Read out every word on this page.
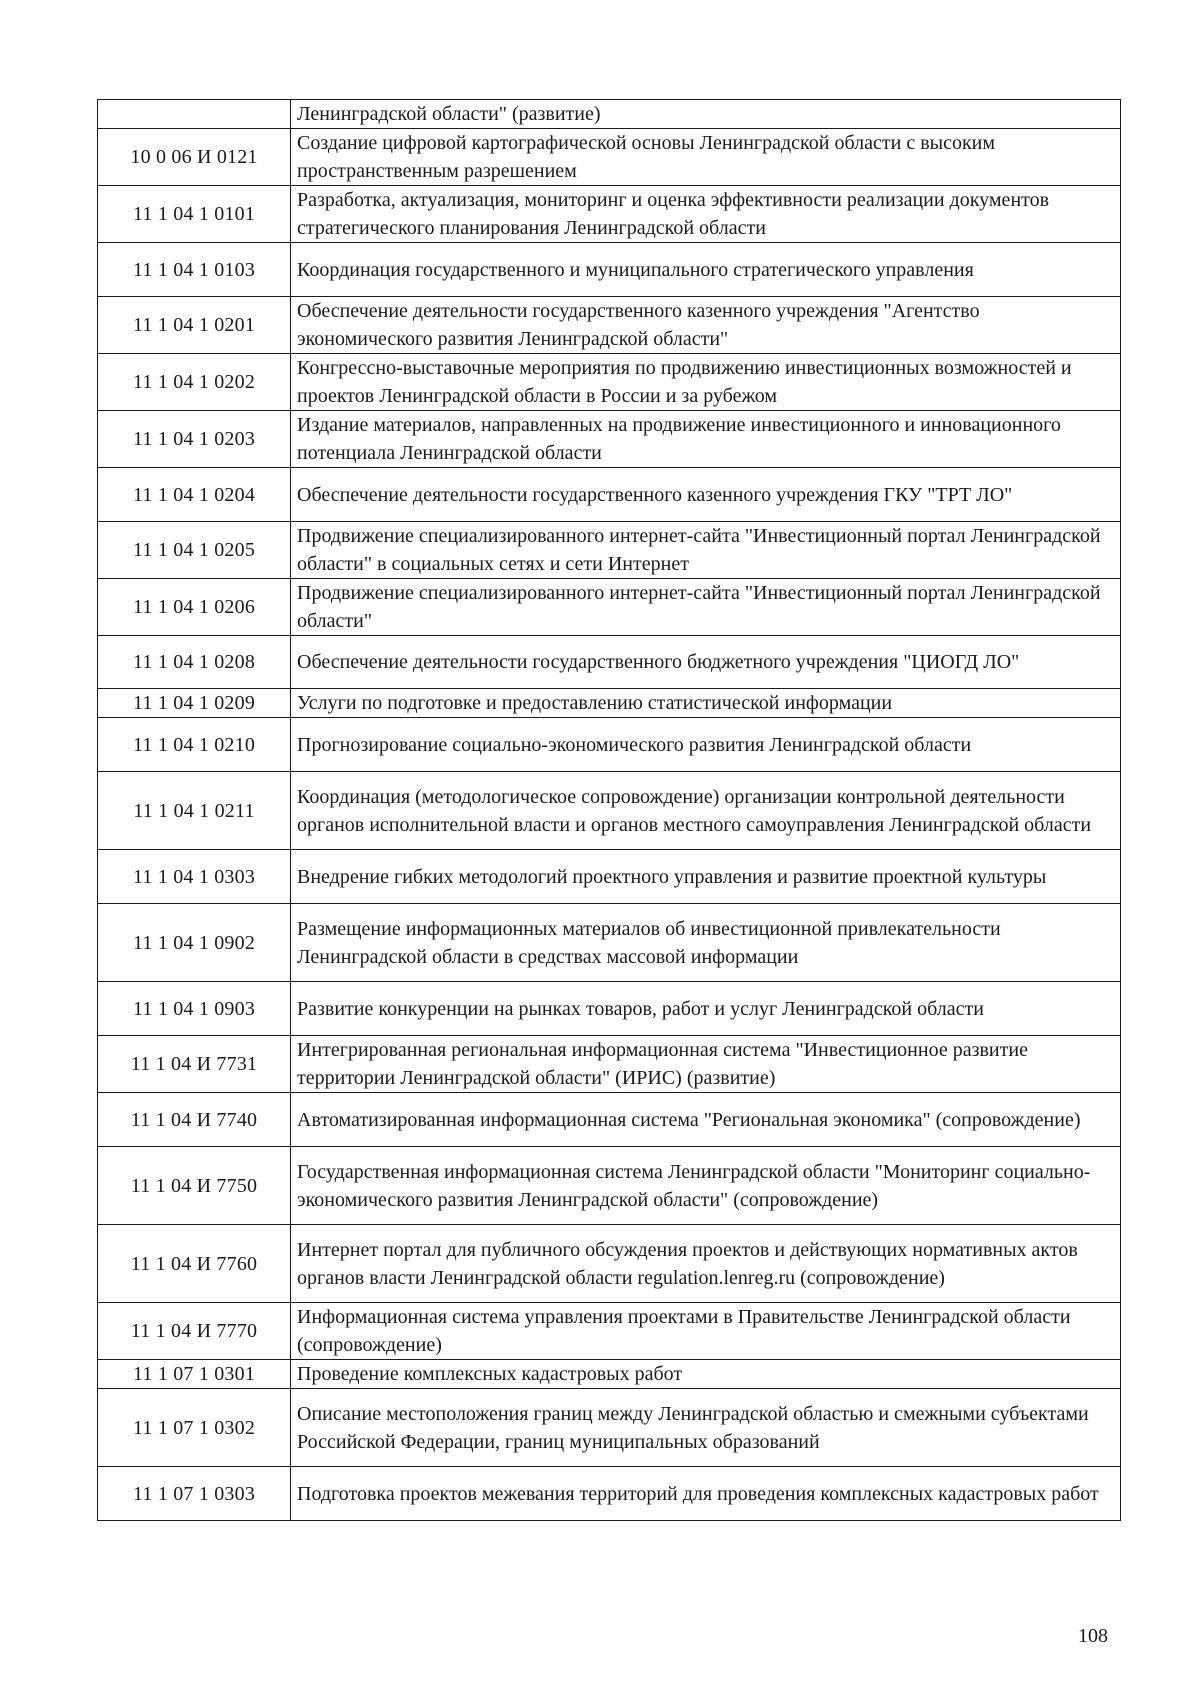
	Ленинградской области" (развитие)
10 0 06 И 0121	Создание цифровой картографической основы Ленинградской области с высоким пространственным разрешением
11 1 04 1 0101	Разработка, актуализация, мониторинг и оценка эффективности реализации документов стратегического планирования Ленинградской области
11 1 04 1 0103	Координация государственного и муниципального стратегического управления
11 1 04 1 0201	Обеспечение деятельности государственного казенного учреждения "Агентство экономического развития Ленинградской области"
11 1 04 1 0202	Конгрессно-выставочные мероприятия по продвижению инвестиционных возможностей и проектов Ленинградской области в России и за рубежом
11 1 04 1 0203	Издание материалов, направленных на продвижение инвестиционного и инновационного потенциала Ленинградской области
11 1 04 1 0204	Обеспечение деятельности государственного казенного учреждения ГКУ "ТРТ ЛО"
11 1 04 1 0205	Продвижение специализированного интернет-сайта "Инвестиционный портал Ленинградской области" в социальных сетях и сети Интернет
11 1 04 1 0206	Продвижение специализированного интернет-сайта "Инвестиционный портал Ленинградской области"
11 1 04 1 0208	Обеспечение деятельности государственного бюджетного учреждения "ЦИОГД ЛО"
11 1 04 1 0209	Услуги по подготовке и предоставлению статистической информации
11 1 04 1 0210	Прогнозирование социально-экономического развития Ленинградской области
11 1 04 1 0211	Координация (методологическое сопровождение) организации контрольной деятельности органов исполнительной власти и органов местного самоуправления Ленинградской области
11 1 04 1 0303	Внедрение гибких методологий проектного управления и развитие проектной культуры
11 1 04 1 0902	Размещение информационных материалов об инвестиционной привлекательности Ленинградской области в средствах массовой информации
11 1 04 1 0903	Развитие конкуренции на рынках товаров, работ и услуг Ленинградской области
11 1 04 И 7731	Интегрированная региональная информационная система "Инвестиционное развитие территории Ленинградской области" (ИРИС) (развитие)
11 1 04 И 7740	Автоматизированная информационная система "Региональная экономика" (сопровождение)
11 1 04 И 7750	Государственная информационная система Ленинградской области "Мониторинг социально-экономического развития Ленинградской области" (сопровождение)
11 1 04 И 7760	Интернет портал для публичного обсуждения проектов и действующих нормативных актов органов власти Ленинградской области regulation.lenreg.ru (сопровождение)
11 1 04 И 7770	Информационная система управления проектами в Правительстве Ленинградской области (сопровождение)
11 1 07 1 0301	Проведение комплексных кадастровых работ
11 1 07 1 0302	Описание местоположения границ между Ленинградской областью и смежными субъектами Российской Федерации, границ муниципальных образований
11 1 07 1 0303	Подготовка проектов межевания территорий для проведения комплексных кадастровых работ
108
